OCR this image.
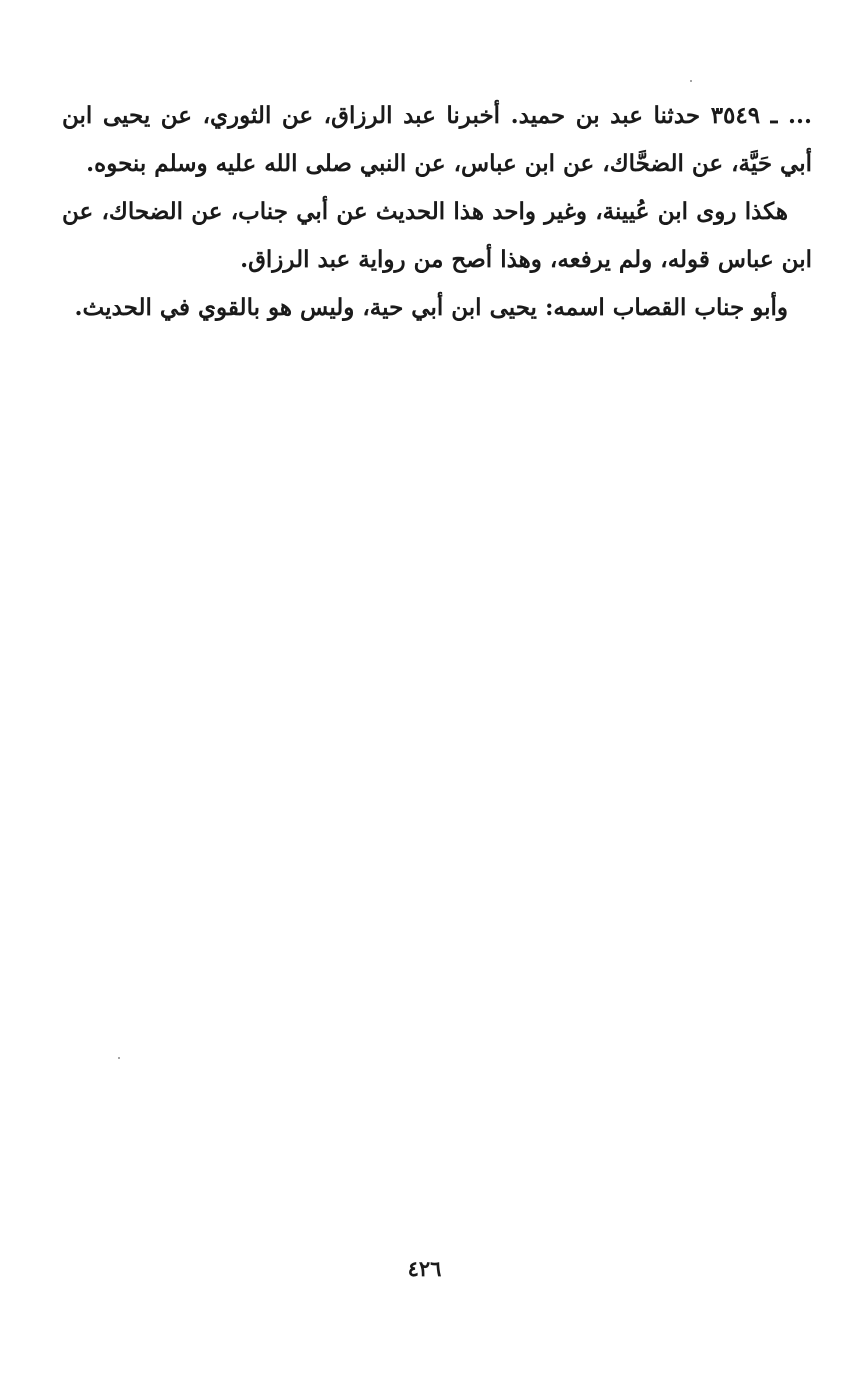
... ـ ٣٥٤٩ حدثنا عبد بن حميد. أخبرنا عبد الرزاق، عن الثوري، عن يحيى ابن أبي حَيَّة، عن الضحَّاك، عن ابن عباس، عن النبي صلى الله عليه وسلم بنحوه.

هكذا روى ابن عُيينة، وغير واحد هذا الحديث عن أبي جناب، عن الضحاك، عن ابن عباس قوله، ولم يرفعه، وهذا أصح من رواية عبد الرزاق.

وأبو جناب القصاب اسمه: يحيى ابن أبي حية، وليس هو بالقوي في الحديث.

٤٢٦
